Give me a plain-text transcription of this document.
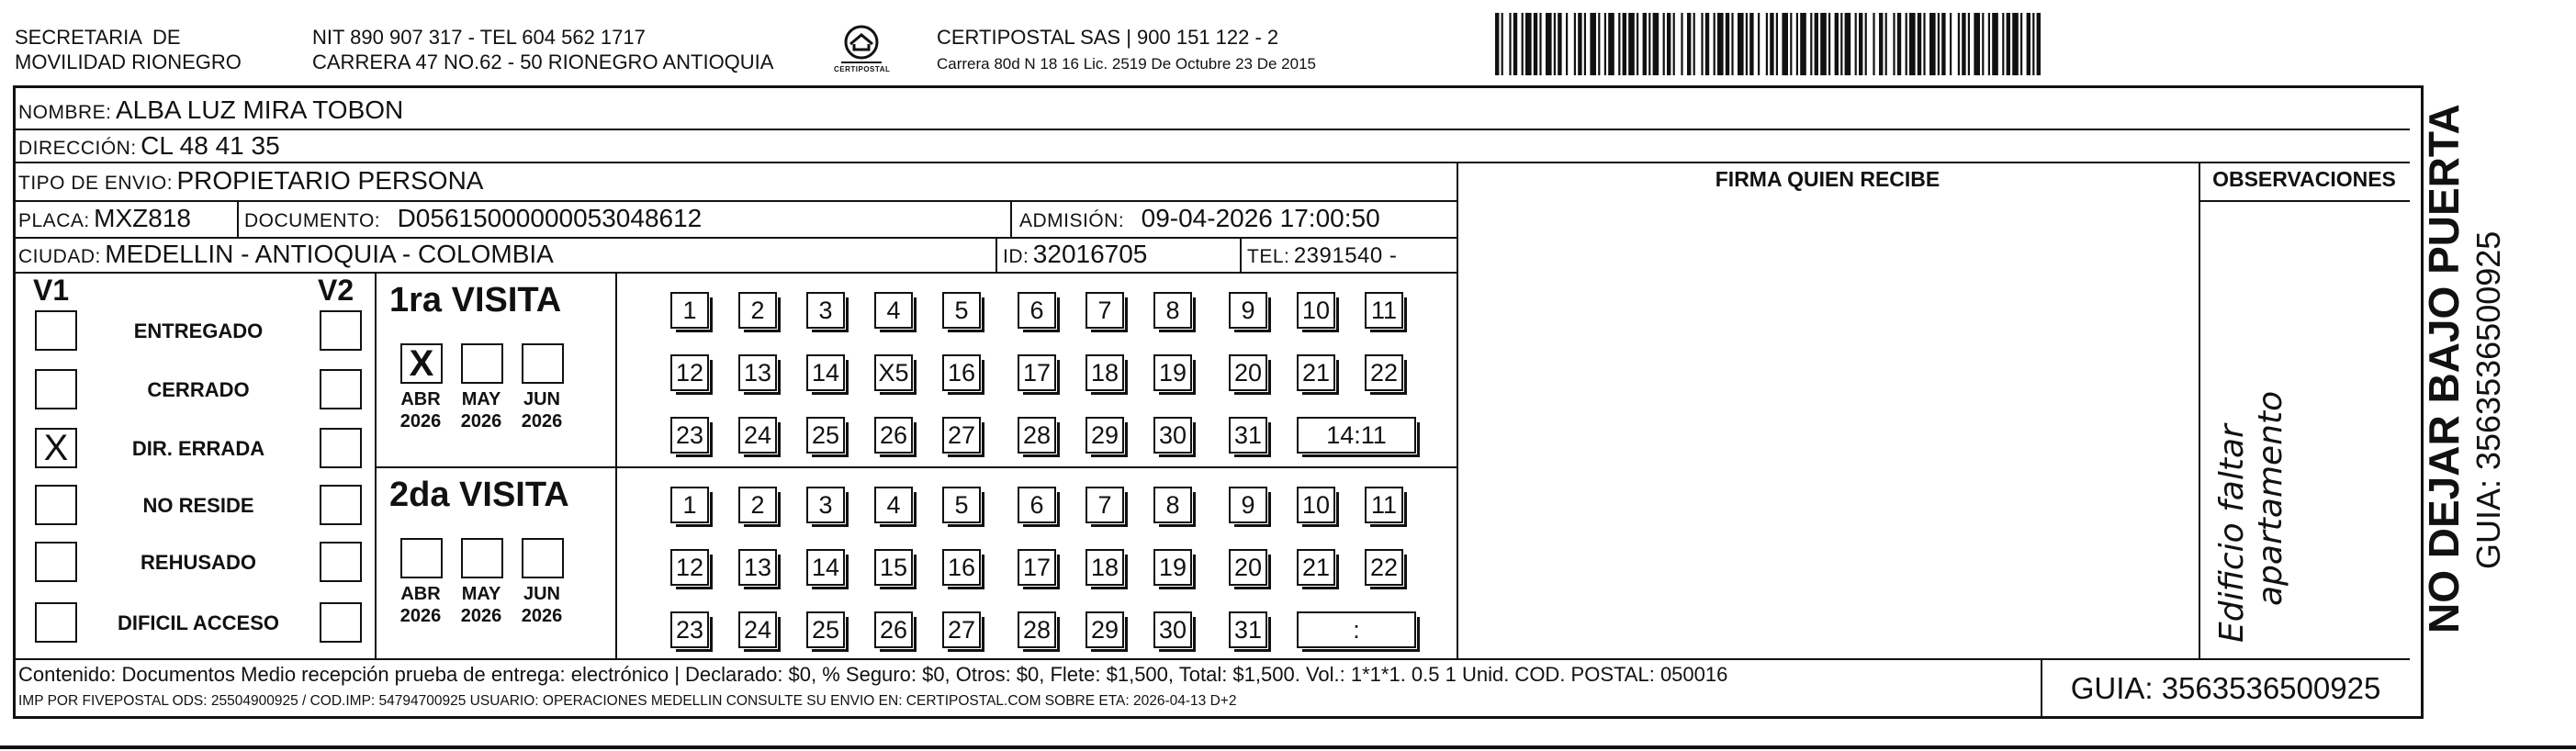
SECRETARIA  DE
MOVILIDAD RIONEGRO
NIT 890 907 317 - TEL 604 562 1717
CARRERA 47 NO.62 - 50 RIONEGRO ANTIOQUIA	CERTIPOSTAL
CERTIPOSTAL SAS | 900 151 122 - 2
Carrera 80d N 18 16 Lic. 2519 De Octubre 23 De 2015
NOMBRE: ALBA LUZ MIRA TOBON
DIRECCIÓN: CL 48 41 35
TIPO DE ENVIO: PROPIETARIO PERSONA
PLACA: MXZ818	DOCUMENTO: D05615000000053048612	ADMISIÓN: 09-04-2026 17:00:50
CIUDAD: MEDELLIN - ANTIOQUIA - COLOMBIA	ID: 32016705	TEL: 2391540 -
FIRMA QUIEN RECIBE	OBSERVACIONES
Edificio faltar apartamento
V1	V2
ENTREGADO
CERRADO
X	DIR. ERRADA
NO RESIDE
REHUSADO
DIFICIL ACCESO
1ra VISITA
X
ABR
2026
MAY
2026
JUN
2026
1	2	3	4	5	6	7	8	9	10 11
12 13 14 X5 16 17 18 19 20 21 22
23 24 25 26 27 28 29 30 31	14:11
2da VISITA
ABR
2026
MAY
2026
JUN
2026
1	2	3	4	5	6	7	8	9	10 11
12 13 14 15 16 17 18 19 20 21 22
23 24 25 26 27 28 29 30 31	:
Contenido: Documentos Medio recepción prueba de entrega: electrónico | Declarado: $0, % Seguro: $0, Otros: $0, Flete: $1,500, Total: $1,500. Vol.: 1*1*1. 0.5 1 Unid. COD. POSTAL: 050016
IMP POR FIVEPOSTAL ODS: 25504900925 / COD.IMP: 54794700925 USUARIO: OPERACIONES MEDELLIN CONSULTE SU ENVIO EN: CERTIPOSTAL.COM SOBRE ETA: 2026-04-13 D+2	GUIA: 3563536500925
NO DEJAR BAJO PUERTA GUIA: 3563536500925
